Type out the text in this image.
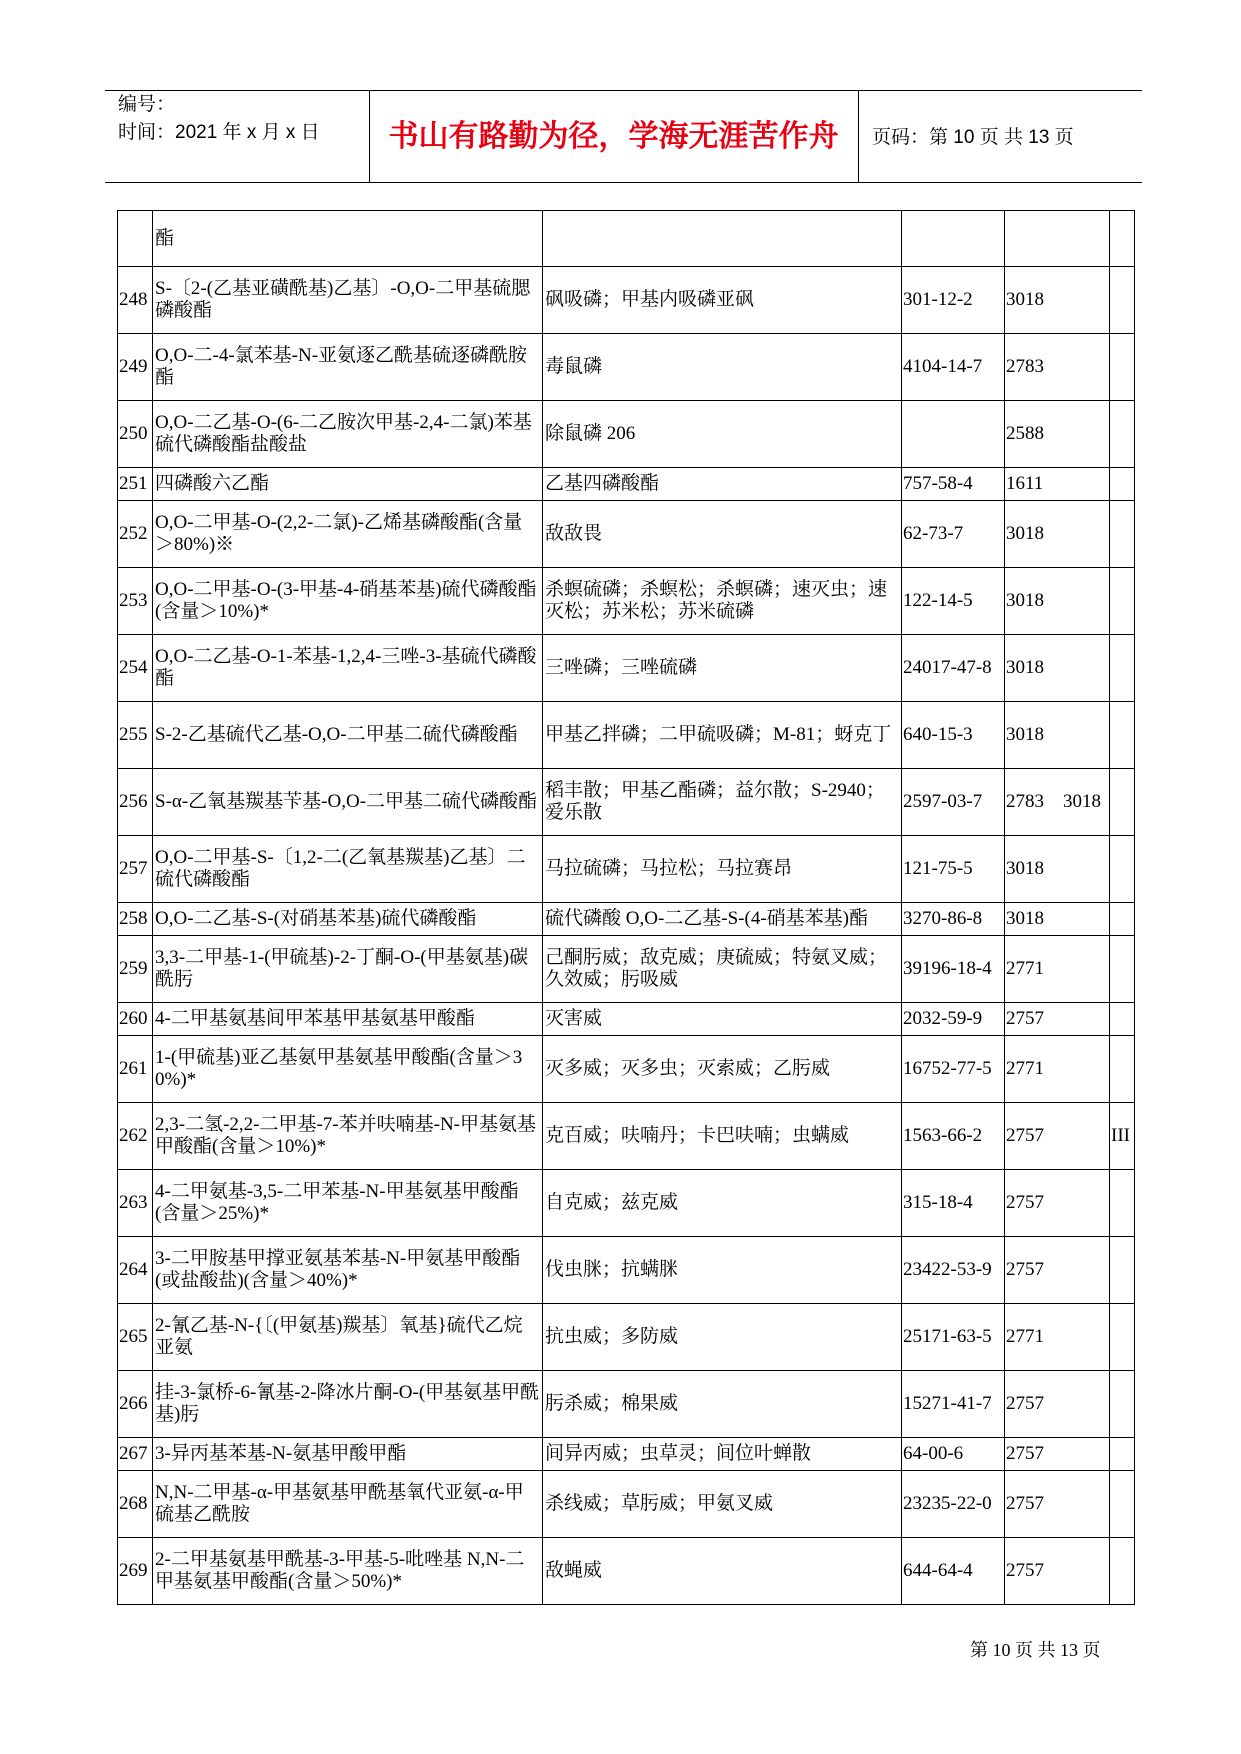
编号：
时间：2021 年 x 月 x 日	书山有路勤为径，学海无涯苦作舟	页码：第 10 页 共 13 页
	酯				
248	S-〔2-(乙基亚磺酰基)乙基〕-O,O-二甲基硫腮磷酸酯	砜吸磷；甲基内吸磷亚砜	301-12-2	3018	
249	O,O-二-4-氯苯基-N-亚氨逐乙酰基硫逐磷酰胺酯	毒鼠磷	4104-14-7	2783	
250	O,O-二乙基-O-(6-二乙胺次甲基-2,4-二氯)苯基硫代磷酸酯盐酸盐	除鼠磷 206		2588	
251	四磷酸六乙酯	乙基四磷酸酯	757-58-4	1611	
252	O,O-二甲基-O-(2,2-二氯)-乙烯基磷酸酯(含量＞80%)※	敌敌畏	62-73-7	3018	
253	O,O-二甲基-O-(3-甲基-4-硝基苯基)硫代磷酸酯(含量＞10%)*	杀螟硫磷；杀螟松；杀螟磷；速灭虫；速灭松；苏米松；苏米硫磷	122-14-5	3018	
254	O,O-二乙基-O-1-苯基-1,2,4-三唑-3-基硫代磷酸酯	三唑磷；三唑硫磷	24017-47-8	3018	
255	S-2-乙基硫代乙基-O,O-二甲基二硫代磷酸酯	甲基乙拌磷；二甲硫吸磷；M-81；蚜克丁	640-15-3	3018	
256	S-α-乙氧基羰基苄基-O,O-二甲基二硫代磷酸酯	稻丰散；甲基乙酯磷；益尔散；S-2940；爱乐散	2597-03-7	2783　3018	
257	O,O-二甲基-S-〔1,2-二(乙氧基羰基)乙基〕二硫代磷酸酯	马拉硫磷；马拉松；马拉赛昂	121-75-5	3018	
258	O,O-二乙基-S-(对硝基苯基)硫代磷酸酯	硫代磷酸 O,O-二乙基-S-(4-硝基苯基)酯	3270-86-8	3018	
259	3,3-二甲基-1-(甲硫基)-2-丁酮-O-(甲基氨基)碳酰肟	己酮肟威；敌克威；庚硫威；特氨叉威；久效威；肟吸威	39196-18-4	2771	
260	4-二甲基氨基间甲苯基甲基氨基甲酸酯	灭害威	2032-59-9	2757	
261	1-(甲硫基)亚乙基氨甲基氨基甲酸酯(含量＞30%)*	灭多威；灭多虫；灭索威；乙肟威	16752-77-5	2771	
262	2,3-二氢-2,2-二甲基-7-苯并呋喃基-N-甲基氨基甲酸酯(含量＞10%)*	克百威；呋喃丹；卡巴呋喃；虫螨威	1563-66-2	2757	III
263	4-二甲氨基-3,5-二甲苯基-N-甲基氨基甲酸酯(含量＞25%)*	自克威；兹克威	315-18-4	2757	
264	3-二甲胺基甲撑亚氨基苯基-N-甲氨基甲酸酯(或盐酸盐)(含量＞40%)*	伐虫脒；抗螨脒	23422-53-9	2757	
265	2-氰乙基-N-{〔(甲氨基)羰基〕氧基}硫代乙烷亚氨	抗虫威；多防威	25171-63-5	2771	
266	挂-3-氯桥-6-氰基-2-降冰片酮-O-(甲基氨基甲酰基)肟	肟杀威；棉果威	15271-41-7	2757	
267	3-异丙基苯基-N-氨基甲酸甲酯	间异丙威；虫草灵；间位叶蝉散	64-00-6	2757	
268	N,N-二甲基-α-甲基氨基甲酰基氧代亚氨-α-甲硫基乙酰胺	杀线威；草肟威；甲氨叉威	23235-22-0	2757	
269	2-二甲基氨基甲酰基-3-甲基-5-吡唑基 N,N-二甲基氨基甲酸酯(含量＞50%)*	敌蝇威	644-64-4	2757	
第 10 页 共 13 页
